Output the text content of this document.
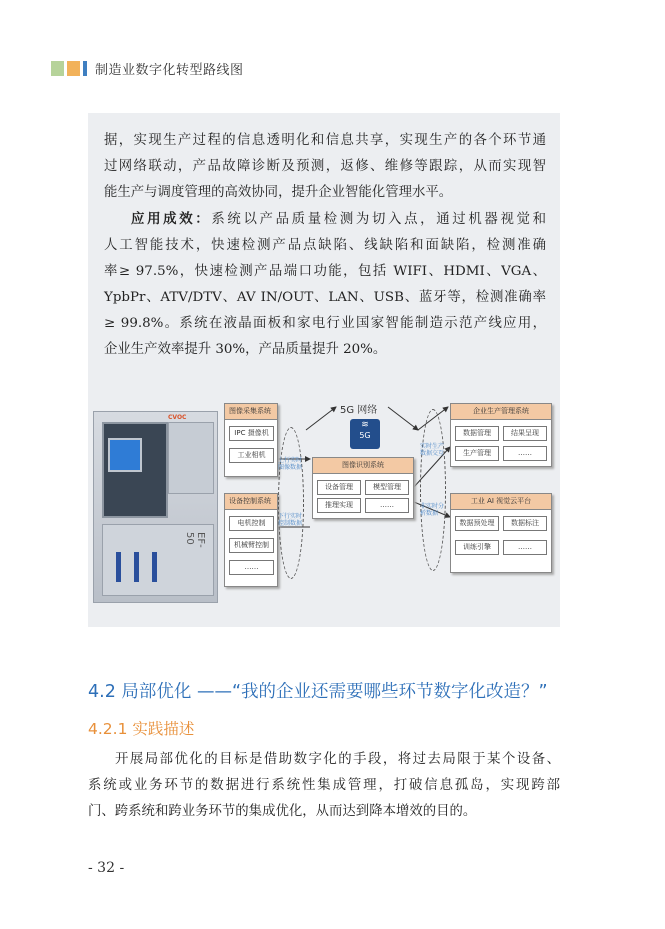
制造业数字化转型路线图
据，实现生产过程的信息透明化和信息共享，实现生产的各个环节通
过网络联动，产品故障诊断及预测，返修、维修等跟踪，从而实现智
能生产与调度管理的高效协同，提升企业智能化管理水平。
应用成效：系统以产品质量检测为切入点，通过机器视觉和
人工智能技术，快速检测产品点缺陷、线缺陷和面缺陷，检测准确
率≥ 97.5%，快速检测产品端口功能，包括 WIFI、HDMI、VGA、
YpbPr、ATV/DTV、AV IN/OUT、LAN、USB、蓝牙等，检测准确率
≥ 99.8%。系统在液晶面板和家电行业国家智能制造示范产线应用，
企业生产效率提升 30%，产品质量提升 20%。
CVOC
EF-50
图像采集系统
IPC 摄像机
工业相机
设备控制系统
电机控制
机械臂控制
……
上行实时图像数据
下行实时控制数据
5G 网络
≋
5G
图像识别系统
设备管理	模型管理
推理实现	……
实时生产数据交互
非实时分析数据
企业生产管理系统
数据管理	结果呈现
生产管理	……
工业 AI 视觉云平台
数据预处理	数据标注
训练引擎	……
4.2 局部优化 ——“我的企业还需要哪些环节数字化改造？”
4.2.1 实践描述
开展局部优化的目标是借助数字化的手段，将过去局限于某个设备、
系统或业务环节的数据进行系统性集成管理，打破信息孤岛，实现跨部
门、跨系统和跨业务环节的集成优化，从而达到降本增效的目的。
- 32 -
